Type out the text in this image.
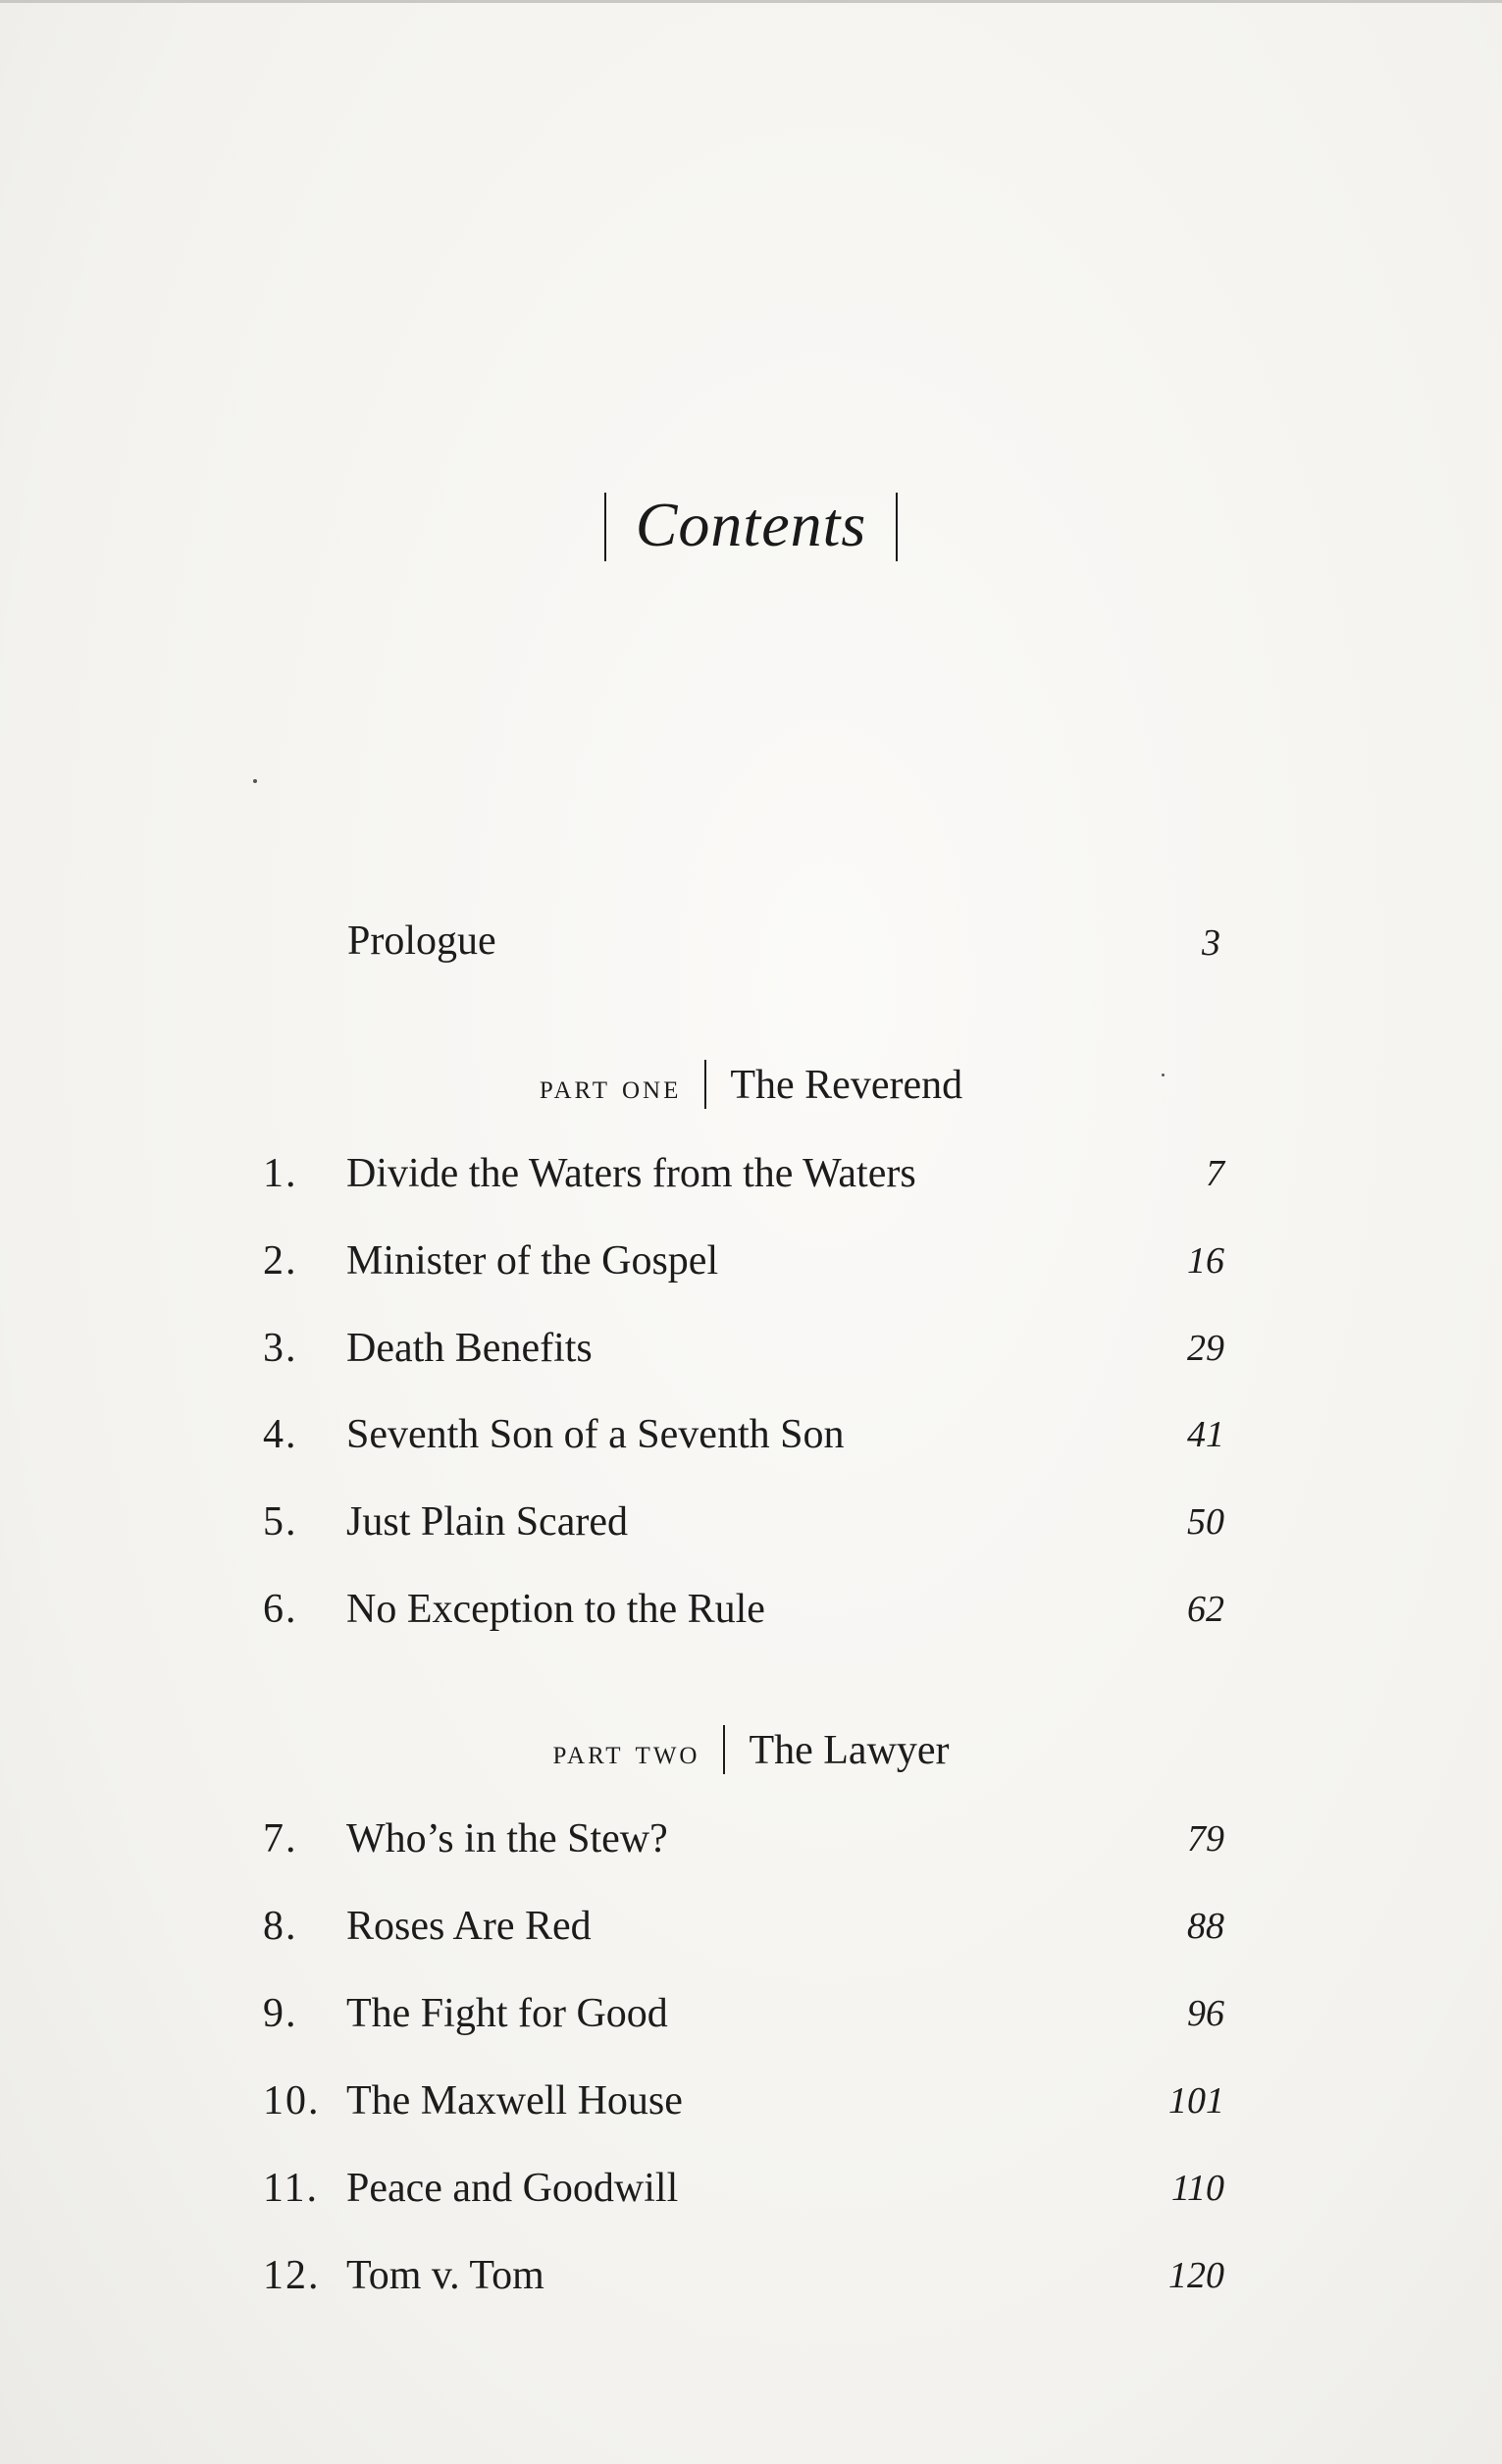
Contents
Prologue	3
part one The Reverend
1.	Divide the Waters from the Waters	7
2.	Minister of the Gospel	16
3.	Death Benefits	29
4.	Seventh Son of a Seventh Son	41
5.	Just Plain Scared	50
6.	No Exception to the Rule	62
part two The Lawyer
7.	Who’s in the Stew?	79
8.	Roses Are Red	88
9.	The Fight for Good	96
10. The Maxwell House	101
11. Peace and Goodwill	110
12. Tom v. Tom	120
